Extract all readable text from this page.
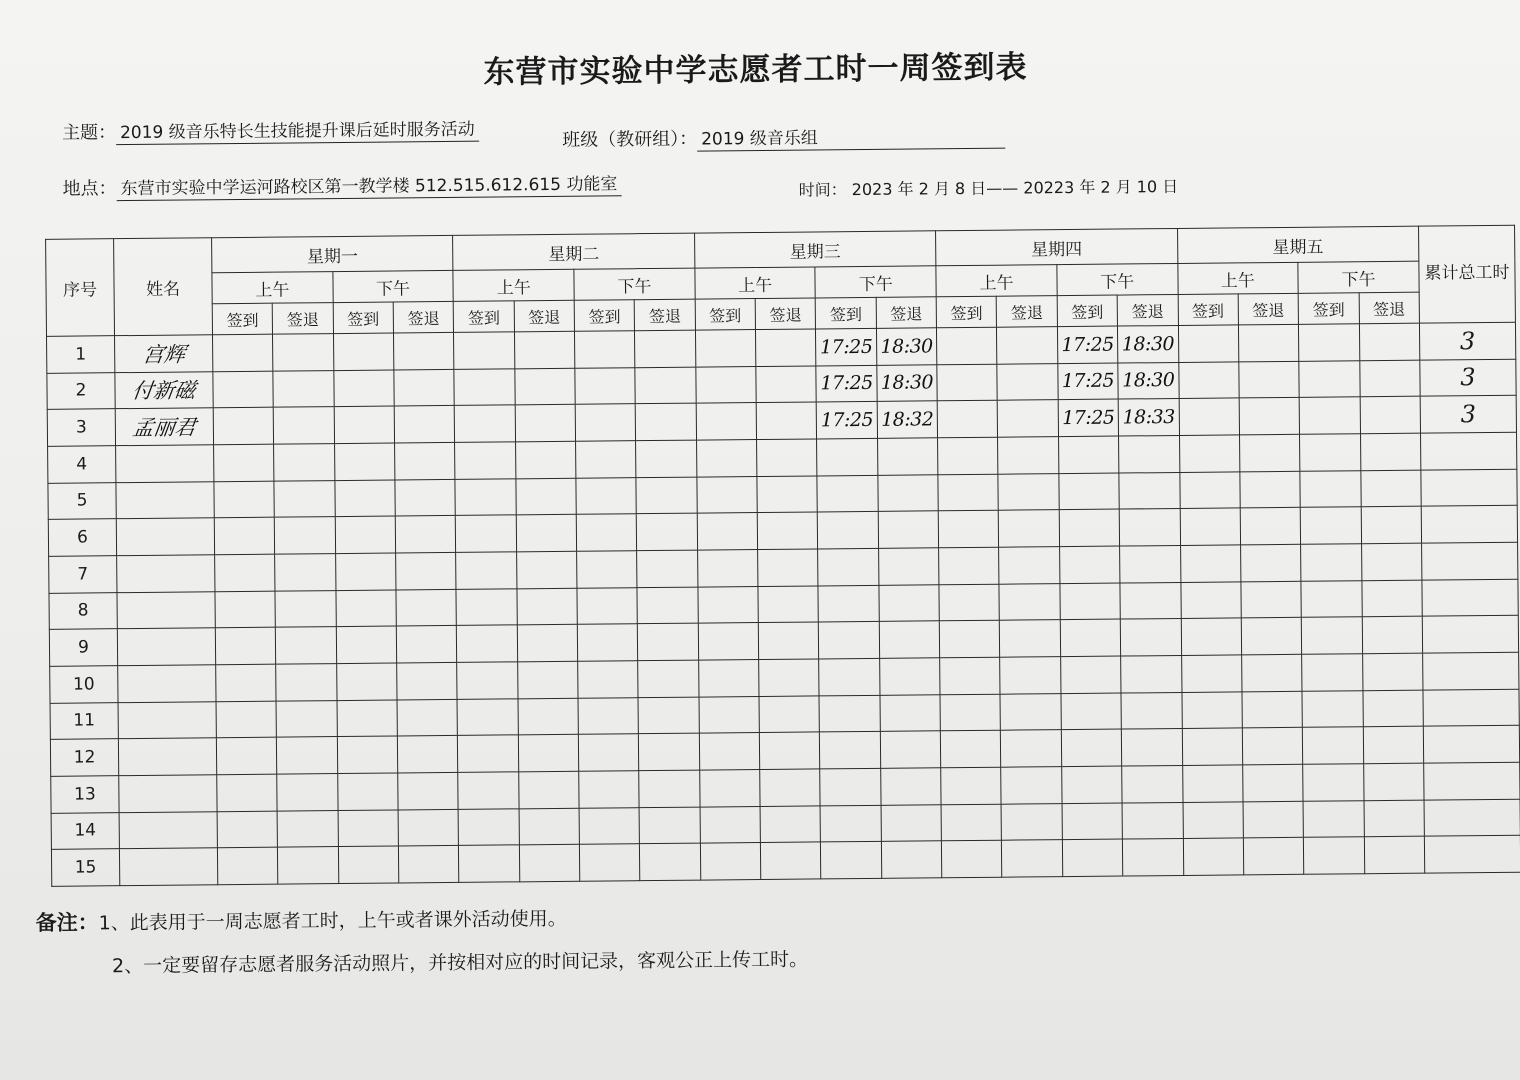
东营市实验中学志愿者工时一周签到表
主题： 2019 级音乐特长生技能提升课后延时服务活动	班级（教研组）： 2019 级音乐组
地点： 东营市实验中学运河路校区第一教学楼 512.515.612.615 功能室	时间： 2023 年 2 月 8 日—— 20223 年 2 月 10 日
序号	姓名	星期一				星期二				星期三				星期四				星期五				累计总工时
		上午		下午		上午		下午		上午		下午		上午		下午		上午		下午		
		签到	签退	签到	签退	签到	签退	签到	签退	签到	签退	签到	签退	签到	签退	签到	签退	签到	签退	签到	签退	
1	宫辉											17:25	18:30			17:25	18:30					3
2	付新磁											17:25	18:30			17:25	18:30					3
3	孟丽君											17:25	18:32			17:25	18:33					3
4																						
5																						
6																						
7																						
8																						
9																						
10																						
11																						
12																						
13																						
14																						
15																						
备注：1、此表用于一周志愿者工时，上午或者课外活动使用。
2、一定要留存志愿者服务活动照片，并按相对应的时间记录，客观公正上传工时。
